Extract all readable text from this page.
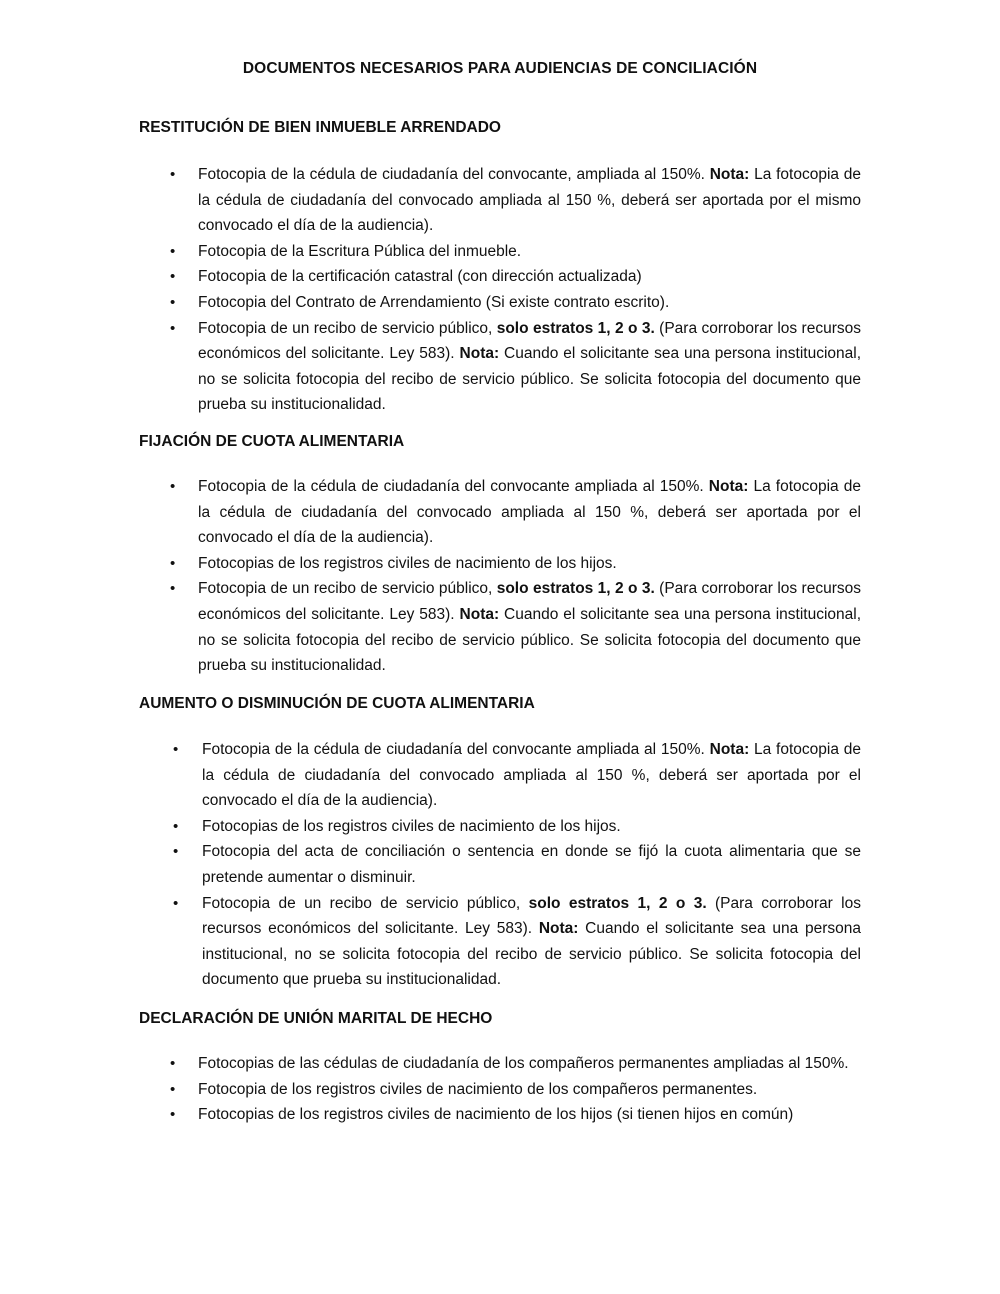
DOCUMENTOS NECESARIOS PARA AUDIENCIAS DE CONCILIACIÓN
RESTITUCIÓN DE BIEN INMUEBLE ARRENDADO
• Fotocopia de la cédula de ciudadanía del convocante, ampliada al 150%. Nota: La fotocopia de la cédula de ciudadanía del convocado ampliada al 150 %, deberá ser aportada por el mismo convocado el día de la audiencia).
• Fotocopia de la Escritura Pública del inmueble.
• Fotocopia de la certificación catastral (con dirección actualizada)
• Fotocopia del Contrato de Arrendamiento (Si existe contrato escrito).
• Fotocopia de un recibo de servicio público, solo estratos 1, 2 o 3. (Para corroborar los recursos económicos del solicitante. Ley 583). Nota: Cuando el solicitante sea una persona institucional, no se solicita fotocopia del recibo de servicio público. Se solicita fotocopia del documento que prueba su institucionalidad.
FIJACIÓN DE CUOTA ALIMENTARIA
• Fotocopia de la cédula de ciudadanía del convocante ampliada al 150%. Nota: La fotocopia de la cédula de ciudadanía del convocado ampliada al 150 %, deberá ser aportada por el convocado el día de la audiencia).
• Fotocopias de los registros civiles de nacimiento de los hijos.
• Fotocopia de un recibo de servicio público, solo estratos 1, 2 o 3. (Para corroborar los recursos económicos del solicitante. Ley 583). Nota: Cuando el solicitante sea una persona institucional, no se solicita fotocopia del recibo de servicio público. Se solicita fotocopia del documento que prueba su institucionalidad.
AUMENTO O DISMINUCIÓN DE CUOTA ALIMENTARIA
• Fotocopia de la cédula de ciudadanía del convocante ampliada al 150%. Nota: La fotocopia de la cédula de ciudadanía del convocado ampliada al 150 %, deberá ser aportada por el convocado el día de la audiencia).
• Fotocopias de los registros civiles de nacimiento de los hijos.
• Fotocopia del acta de conciliación o sentencia en donde se fijó la cuota alimentaria que se pretende aumentar o disminuir.
• Fotocopia de un recibo de servicio público, solo estratos 1, 2 o 3. (Para corroborar los recursos económicos del solicitante. Ley 583). Nota: Cuando el solicitante sea una persona institucional, no se solicita fotocopia del recibo de servicio público. Se solicita fotocopia del documento que prueba su institucionalidad.
DECLARACIÓN DE UNIÓN MARITAL DE HECHO
• Fotocopias de las cédulas de ciudadanía de los compañeros permanentes ampliadas al 150%.
• Fotocopia de los registros civiles de nacimiento de los compañeros permanentes.
• Fotocopias de los registros civiles de nacimiento de los hijos (si tienen hijos en común)
